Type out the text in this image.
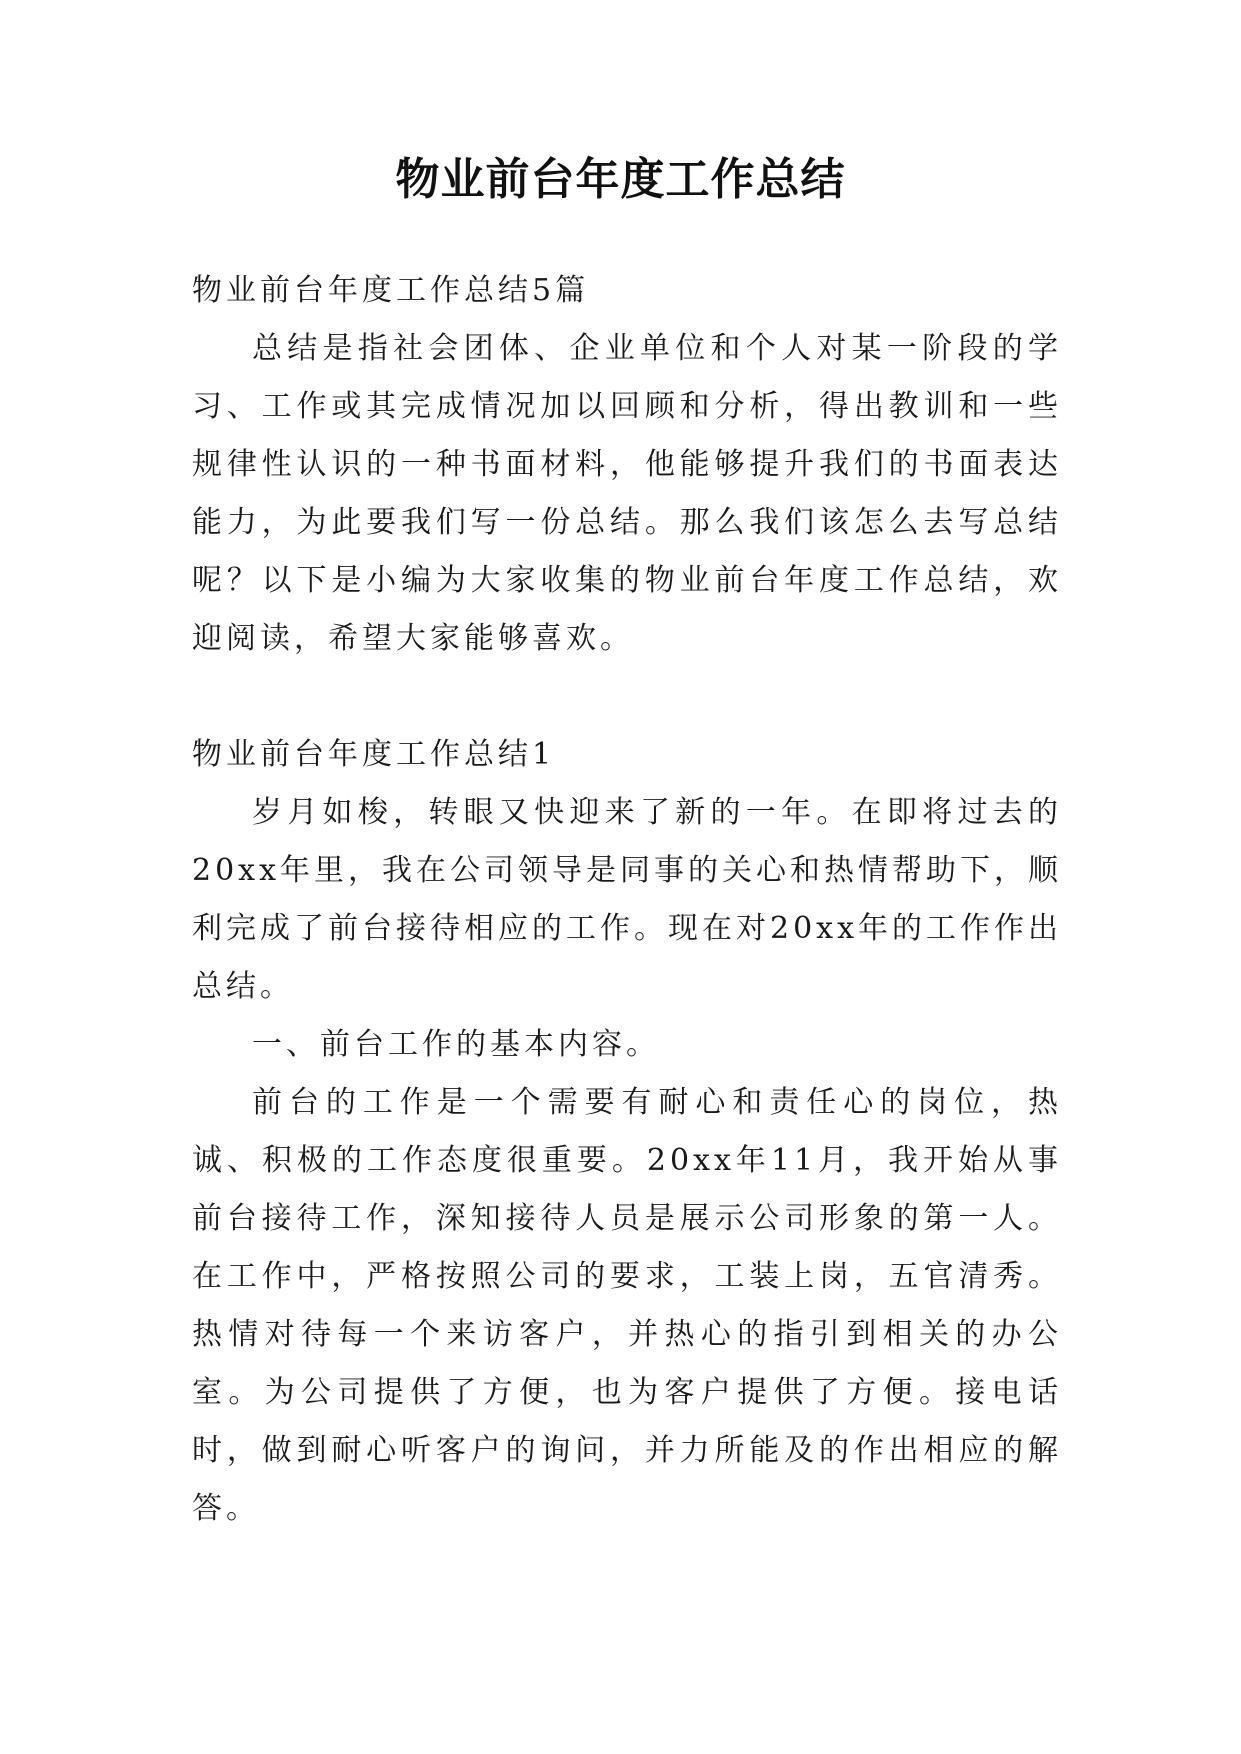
物业前台年度工作总结
物业前台年度工作总结5篇
总结是指社会团体、企业单位和个人对某一阶段的学习、工作或其完成情况加以回顾和分析，得出教训和一些规律性认识的一种书面材料，他能够提升我们的书面表达能力，为此要我们写一份总结。那么我们该怎么去写总结呢？以下是小编为大家收集的物业前台年度工作总结，欢迎阅读，希望大家能够喜欢。
物业前台年度工作总结1
岁月如梭，转眼又快迎来了新的一年。在即将过去的20xx年里，我在公司领导是同事的关心和热情帮助下，顺利完成了前台接待相应的工作。现在对20xx年的工作作出总结。
一、前台工作的基本内容。
前台的工作是一个需要有耐心和责任心的岗位，热诚、积极的工作态度很重要。20xx年11月，我开始从事前台接待工作，深知接待人员是展示公司形象的第一人。在工作中，严格按照公司的要求，工装上岗，五官清秀。热情对待每一个来访客户，并热心的指引到相关的办公室。为公司提供了方便，也为客户提供了方便。接电话时，做到耐心听客户的询问，并力所能及的作出相应的解答。
